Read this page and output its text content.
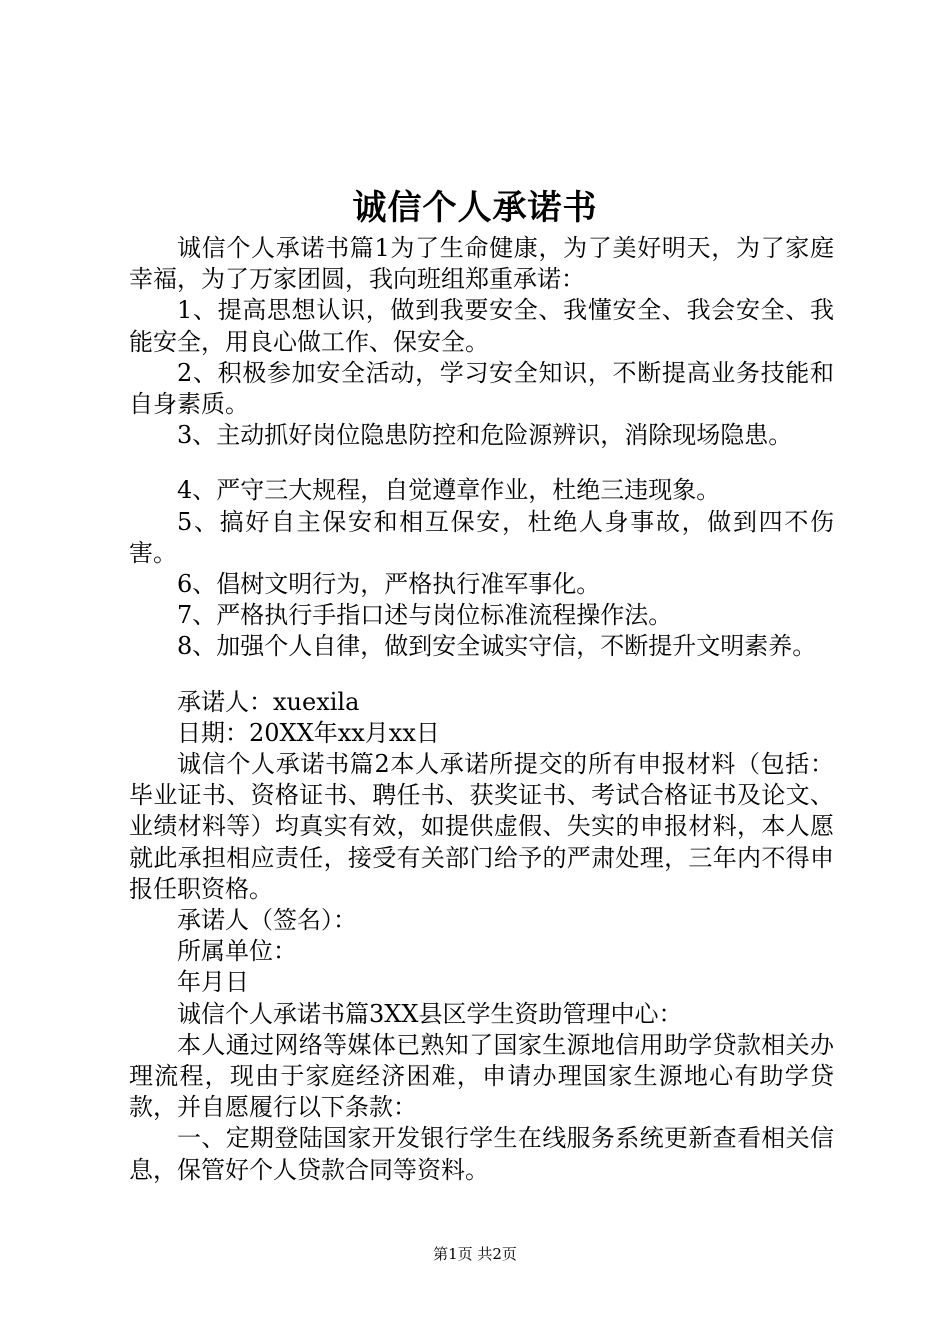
诚信个人承诺书

诚信个人承诺书篇1为了生命健康，为了美好明天，为了家庭幸福，为了万家团圆，我向班组郑重承诺：

1、提高思想认识，做到我要安全、我懂安全、我会安全、我能安全，用良心做工作、保安全。

2、积极参加安全活动，学习安全知识，不断提高业务技能和自身素质。

3、主动抓好岗位隐患防控和危险源辨识，消除现场隐患。

4、严守三大规程，自觉遵章作业，杜绝三违现象。

5、搞好自主保安和相互保安，杜绝人身事故，做到四不伤害。

6、倡树文明行为，严格执行准军事化。

7、严格执行手指口述与岗位标准流程操作法。

8、加强个人自律，做到安全诚实守信，不断提升文明素养。

承诺人：xuexila

日期：20XX年xx月xx日

诚信个人承诺书篇2本人承诺所提交的所有申报材料（包括：毕业证书、资格证书、聘任书、获奖证书、考试合格证书及论文、业绩材料等）均真实有效，如提供虚假、失实的申报材料，本人愿就此承担相应责任，接受有关部门给予的严肃处理，三年内不得申报任职资格。

承诺人（签名）：

所属单位：

年月日

诚信个人承诺书篇3XX县区学生资助管理中心：

本人通过网络等媒体已熟知了国家生源地信用助学贷款相关办理流程，现由于家庭经济困难，申请办理国家生源地心有助学贷款，并自愿履行以下条款：

一、定期登陆国家开发银行学生在线服务系统更新查看相关信息，保管好个人贷款合同等资料。

第1页 共2页
